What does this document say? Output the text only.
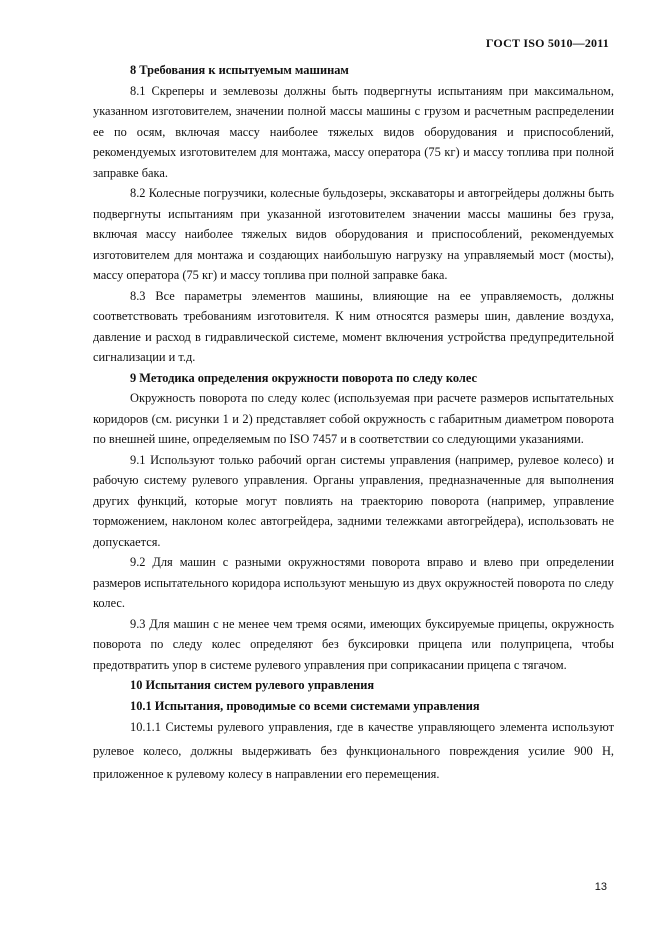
ГОСТ ISO 5010—2011

8 Требования к испытуемым машинам

8.1 Скреперы и землевозы должны быть подвергнуты испытаниям при максимальном, указанном изготовителем, значении полной массы машины с грузом и расчетным распределении ее по осям, включая массу наиболее тяжелых видов оборудования и приспособлений, рекомендуемых изготовителем для монтажа, массу оператора (75 кг) и массу топлива при полной заправке бака.

8.2 Колесные погрузчики, колесные бульдозеры, экскаваторы и автогрейдеры должны быть подвергнуты испытаниям при указанной изготовителем значении массы машины без груза, включая массу наиболее тяжелых видов оборудования и приспособлений, рекомендуемых изготовителем для монтажа и создающих наибольшую нагрузку на управляемый мост (мосты), массу оператора (75 кг) и массу топлива при полной заправке бака.

8.3 Все параметры элементов машины, влияющие на ее управляемость, должны соответствовать требованиям изготовителя. К ним относятся размеры шин, давление воздуха, давление и расход в гидравлической системе, момент включения устройства предупредительной сигнализации и т.д.

9 Методика определения окружности поворота по следу колес

Окружность поворота по следу колес (используемая при расчете размеров испытательных коридоров (см. рисунки 1 и 2) представляет собой окружность с габаритным диаметром поворота по внешней шине, определяемым по ISO 7457 и в соответствии со следующими указаниями.

9.1 Используют только рабочий орган системы управления (например, рулевое колесо) и рабочую систему рулевого управления. Органы управления, предназначенные для выполнения других функций, которые могут повлиять на траекторию поворота (например, управление торможением, наклоном колес автогрейдера, задними тележками автогрейдера), использовать не допускается.

9.2 Для машин с разными окружностями поворота вправо и влево при определении размеров испытательного коридора используют меньшую из двух окружностей поворота по следу колес.

9.3 Для машин с не менее чем тремя осями, имеющих буксируемые прицепы, окружность поворота по следу колес определяют без буксировки прицепа или полуприцепа, чтобы предотвратить упор в системе рулевого управления при соприкасании прицепа с тягачом.

10 Испытания систем рулевого управления

10.1 Испытания, проводимые со всеми системами управления

10.1.1 Системы рулевого управления, где в качестве управляющего элемента используют рулевое колесо, должны выдерживать без функционального повреждения усилие 900 Н, приложенное к рулевому колесу в направлении его перемещения.

13
